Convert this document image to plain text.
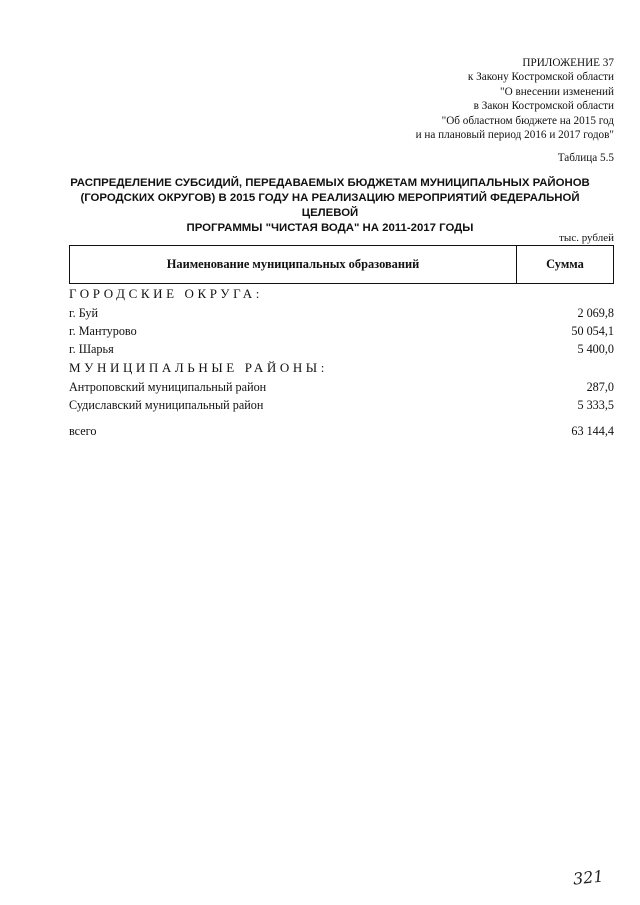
ПРИЛОЖЕНИЕ 37
к Закону Костромской области
"О внесении изменений
в Закон Костромской области
"Об областном бюджете на 2015 год
и на плановый период 2016 и 2017 годов"
Таблица 5.5
РАСПРЕДЕЛЕНИЕ СУБСИДИЙ, ПЕРЕДАВАЕМЫХ БЮДЖЕТАМ МУНИЦИПАЛЬНЫХ РАЙОНОВ
(ГОРОДСКИХ ОКРУГОВ) В 2015 ГОДУ НА РЕАЛИЗАЦИЮ МЕРОПРИЯТИЙ ФЕДЕРАЛЬНОЙ ЦЕЛЕВОЙ
ПРОГРАММЫ "ЧИСТАЯ ВОДА" НА 2011-2017 ГОДЫ
тыс. рублей
Наименование муниципальных образований	Сумма
ГОРОДСКИЕ ОКРУГА:
г. Буй	2 069,8
г. Мантурово	50 054,1
г. Шарья	5 400,0
МУНИЦИПАЛЬНЫЕ РАЙОНЫ:
Антроповский муниципальный район	287,0
Судиславский муниципальный район	5 333,5
всего	63 144,4
321
